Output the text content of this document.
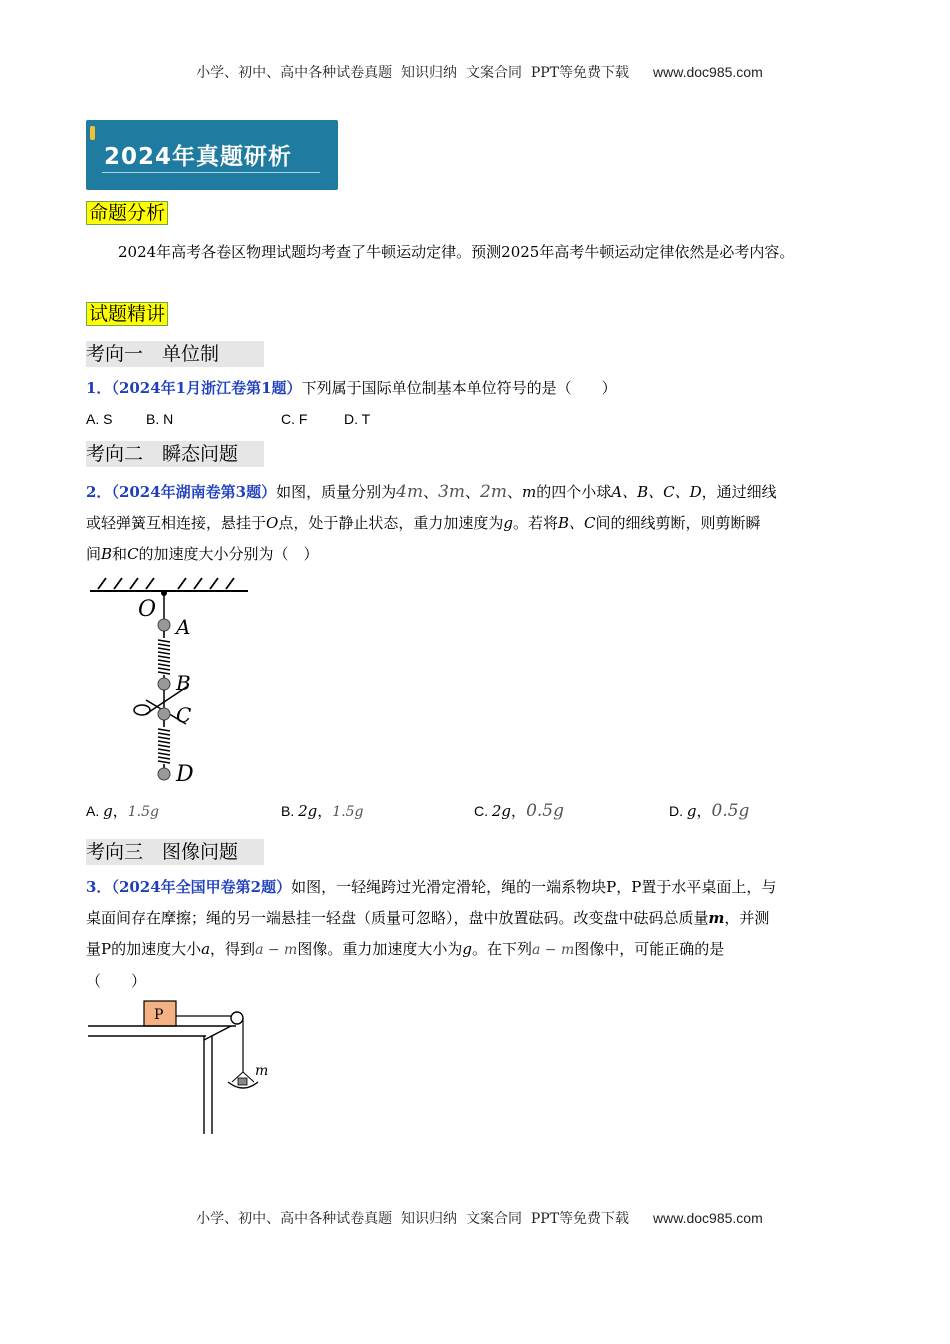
小学、初中、高中各种试卷真题  知识归纳  文案合同  PPT等免费下载 www.doc985.com

2024年真题研析
命题分析
2024年高考各卷区物理试题均考查了牛顿运动定律。预测2025年高考牛顿运动定律依然是必考内容。
试题精讲
考向一　单位制
1．（2024年1月浙江卷第1题）下列属于国际单位制基本单位符号的是（　　）
A. S B. N	C. F	D. T
考向二　瞬态问题
2．（2024年湖南卷第3题）如图，质量分别为4m、3m、2m、m的四个小球A、B、C、D，通过细线
或轻弹簧互相连接，悬挂于O点，处于静止状态，重力加速度为g。若将B、C间的细线剪断，则剪断瞬
间B和C的加速度大小分别为（　）
O
A
B
C
D
A. g，1.5g	B. 2g，1.5g	C. 2g，0.5g	D. g，0.5g
考向三　图像问题
3．（2024年全国甲卷第2题）如图，一轻绳跨过光滑定滑轮，绳的一端系物块P，P置于水平桌面上，与
桌面间存在摩擦；绳的另一端悬挂一轻盘（质量可忽略），盘中放置砝码。改变盘中砝码总质量m，并测
量P的加速度大小a，得到a − m图像。重力加速度大小为g。在下列a − m图像中，可能正确的是
（　　）
P
m

小学、初中、高中各种试卷真题  知识归纳  文案合同  PPT等免费下载 www.doc985.com
